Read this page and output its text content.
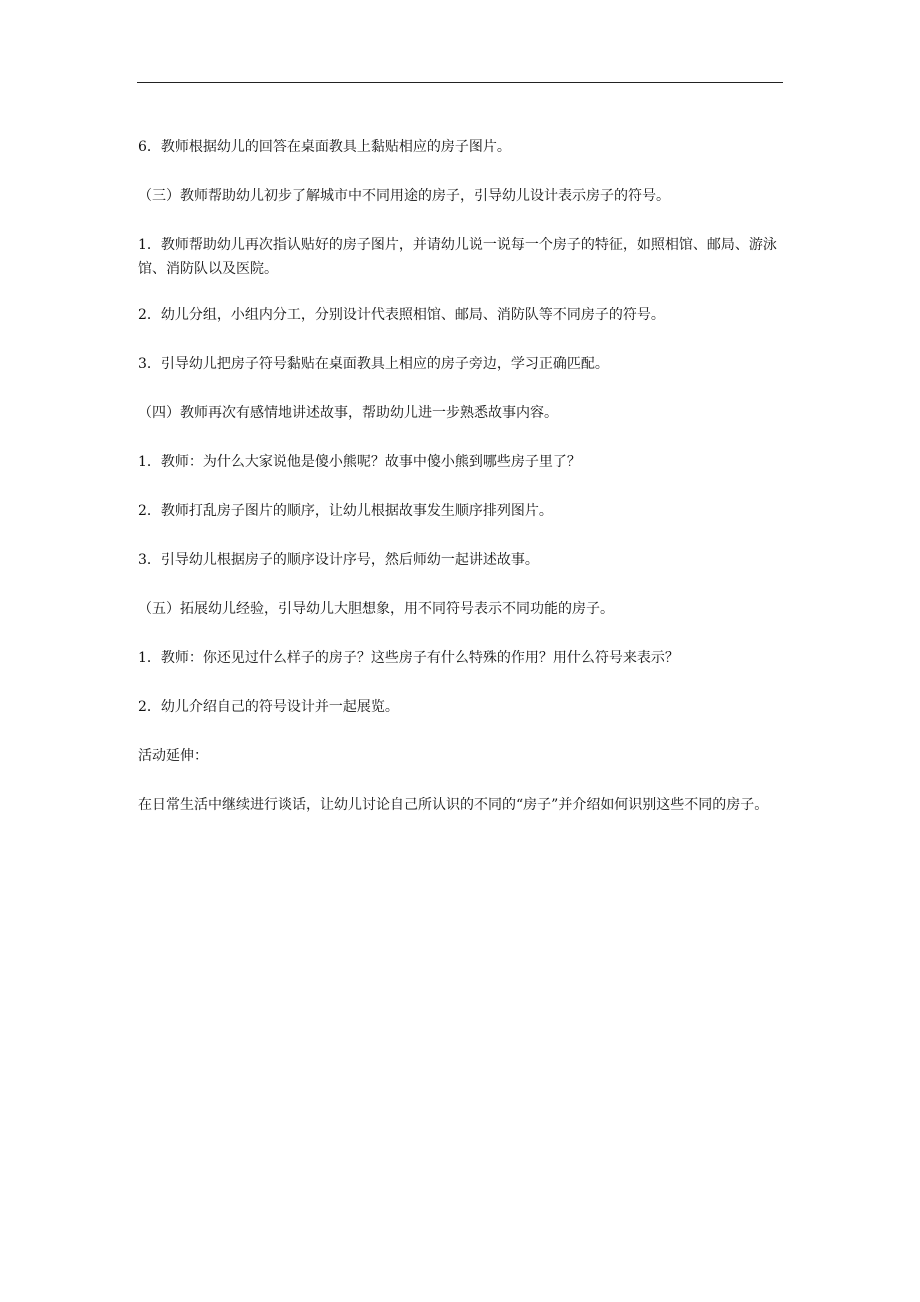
6．教师根据幼儿的回答在桌面教具上黏贴相应的房子图片。

（三）教师帮助幼儿初步了解城市中不同用途的房子，引导幼儿设计表示房子的符号。

1．教师帮助幼儿再次指认贴好的房子图片，并请幼儿说一说每一个房子的特征，如照相馆、邮局、游泳馆、消防队以及医院。

2．幼儿分组，小组内分工，分别设计代表照相馆、邮局、消防队等不同房子的符号。

3．引导幼儿把房子符号黏贴在桌面教具上相应的房子旁边，学习正确匹配。

（四）教师再次有感情地讲述故事，帮助幼儿进一步熟悉故事内容。

1．教师：为什么大家说他是傻小熊呢？故事中傻小熊到哪些房子里了？

2．教师打乱房子图片的顺序，让幼儿根据故事发生顺序排列图片。

3．引导幼儿根据房子的顺序设计序号，然后师幼一起讲述故事。

（五）拓展幼儿经验，引导幼儿大胆想象，用不同符号表示不同功能的房子。

1．教师：你还见过什么样子的房子？这些房子有什么特殊的作用？用什么符号来表示？

2．幼儿介绍自己的符号设计并一起展览。

活动延伸：

在日常生活中继续进行谈话，让幼儿讨论自己所认识的不同的“房子”并介绍如何识别这些不同的房子。
